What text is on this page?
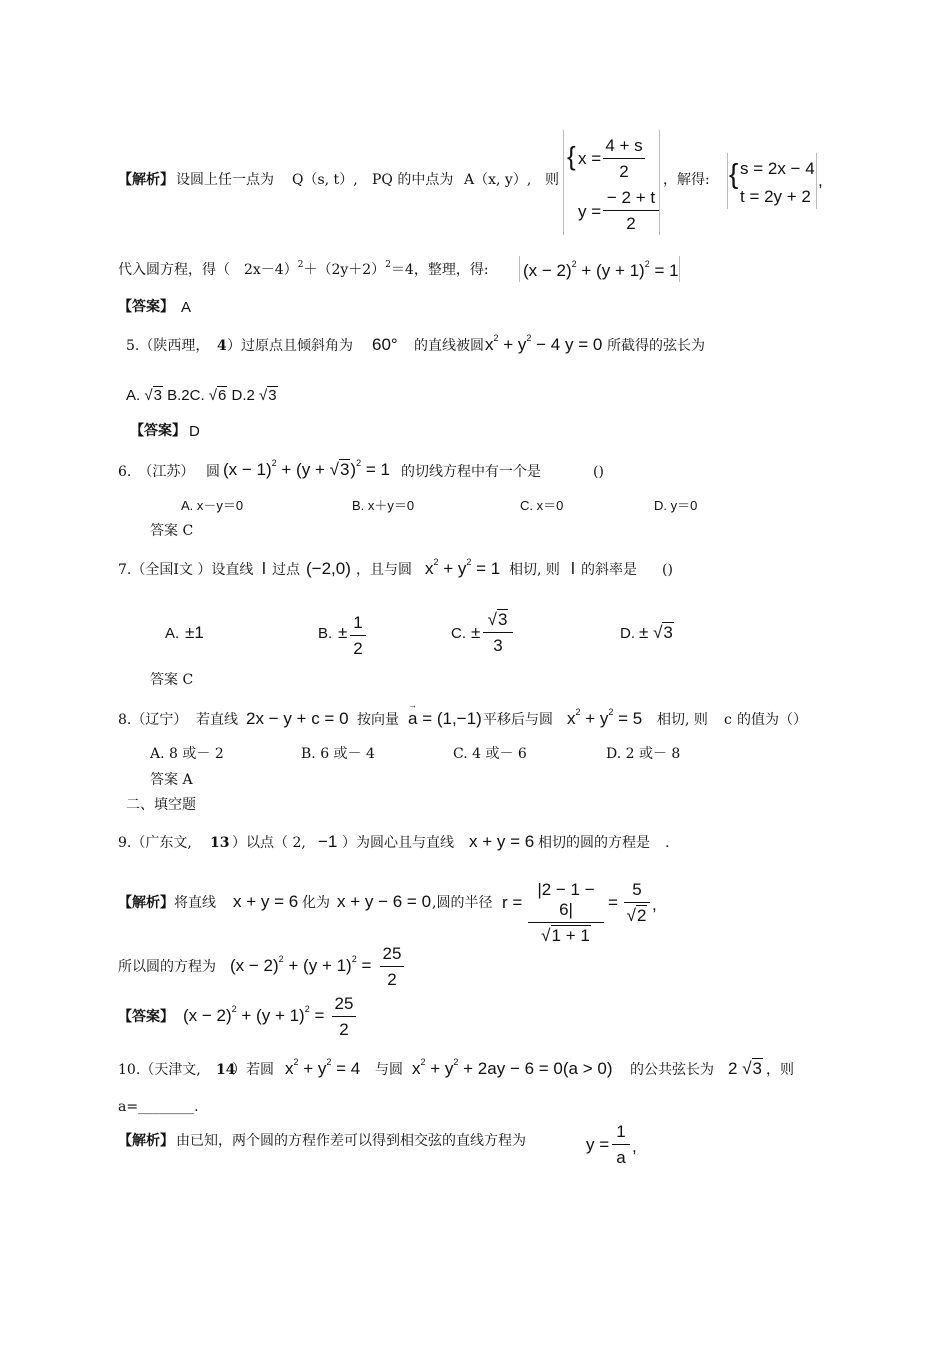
【解析】 设圆上任一点为 Q（s, t）, PQ 的中点为 A（x, y）, 则
{ $x = \frac{4 + s}{2}$
$y = \frac{- 2 + t}{2}$
，解得: { s = 2x − 4
t = 2y + 2
,
代入圆方程，得（　$2x-4)^2+(2y+2)^2=4$，整理，得: $(x - 2)^2 + (y + 1)^2 = 1$
【答案】 A
5.（陕西理， 4 ）过原点且倾斜角为 60° 的直线被圆 $x^2 + y^2 - 4$ y = 0 所截得的弦长为
A. √3 B.2C. √6 D.2 √3
【答案】 D
6.　（江苏） 圆 $(x - 1)^2 + (y + √3)^2 = 1$ 的切线方程中有一个是	()
A. x－y＝0	B. x＋y＝0	C. x＝0	D. y＝0
答案 C
7.（全国Ⅰ文 ）设直线 l 过点 (−2,0) ，且与圆 $x^2 + y^2 = 1$ 相切, 则 l 的斜率是 ()
A. ±1	B. ± $\frac{1}{2}$	C. ± $\frac{√3}{3}$	D. ± √3
答案 C
8.（辽宁） 若直线 2x − y + c = 0 按向量
→ a = (1,−1) 平移后与圆 $x^2 + y^2 = 5$ 相切, 则 c 的值为（）
A. 8 或－ 2	B. 6 或－ 4	C. 4 或－ 6	D. 2 或－ 8
答案 A
二、填空题
9.（广东文, 13 ）以点（ 2, −1 ）为圆心且与直线 x + y = 6 相切的圆的方程是 .
【解析】 将直线 x + y = 6 化为 x + y − 6 = 0 ,圆的半径 $r = \frac{|2 - 1 - 6|}{√1 + 1} = \frac{5}{√2}$ ,
所以圆的方程为 $(x - 2)^2 + (y + 1)^2 = \frac{25}{2}$
【答案】 $(x - 2)^2 + (y + 1)^2 = \frac{25}{2}$
10.（天津文, 14
）若圆 $x^2 + y^2 = 4$ 与圆 $x^2 + y^2 + 2ay - 6 = 0(a > 0)$ 的公共弦长为 2 √3 ，则
a=________.
【解析】 由已知，两个圆的方程作差可以得到相交弦的直线方程为	$y = \frac{1}{a}$ ,
